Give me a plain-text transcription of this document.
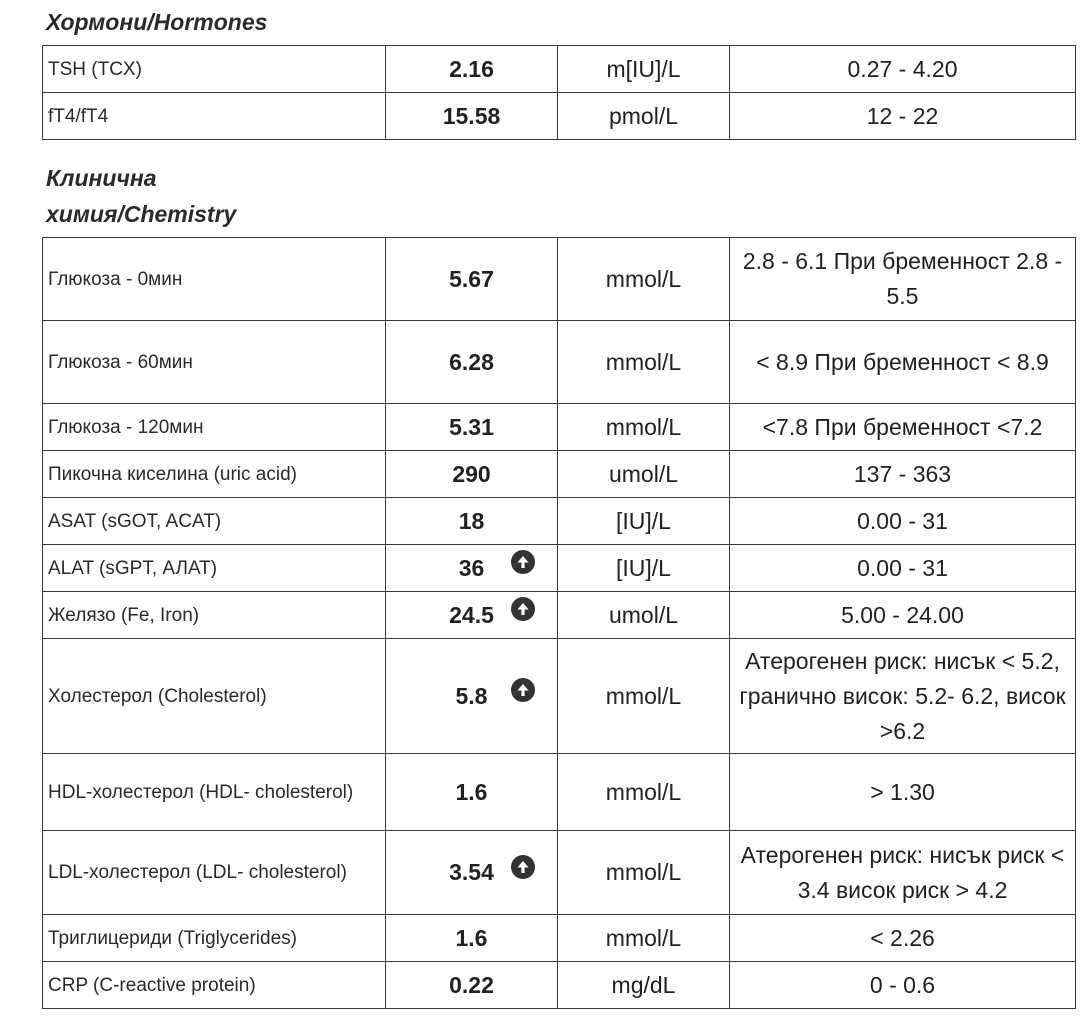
Хормони/Hormones
TSH (TCX)	2.16	m[IU]/L	0.27 - 4.20
fT4/fT4	15.58	pmol/L	12 - 22
Клинична химия/Chemistry
Глюкоза - 0мин	5.67	mmol/L	2.8 - 6.1 При бременност 2.8 - 5.5
Глюкоза - 60мин	6.28	mmol/L	< 8.9 При бременност < 8.9
Глюкоза - 120мин	5.31	mmol/L	<7.8 При бременност <7.2
Пикочна киселина (uric acid)	290	umol/L	137 - 363
ASAT (sGOT, ACAT)	18	[IU]/L	0.00 - 31
ALAT (sGPT, АЛАТ)	36	[IU]/L	0.00 - 31
Желязо (Fe, Iron)	24.5	umol/L	5.00 - 24.00
Холестерол (Cholesterol)	5.8	mmol/L	Атерогенен риск: нисък < 5.2, гранично висок: 5.2- 6.2, висок >6.2
HDL-холестерол (HDL- cholesterol)	1.6	mmol/L	> 1.30
LDL-холестерол (LDL- cholesterol)	3.54	mmol/L	Атерогенен риск: нисък риск < 3.4 висок риск > 4.2
Триглицериди (Triglycerides)	1.6	mmol/L	< 2.26
CRP (C-reactive protein)	0.22	mg/dL	0 - 0.6
